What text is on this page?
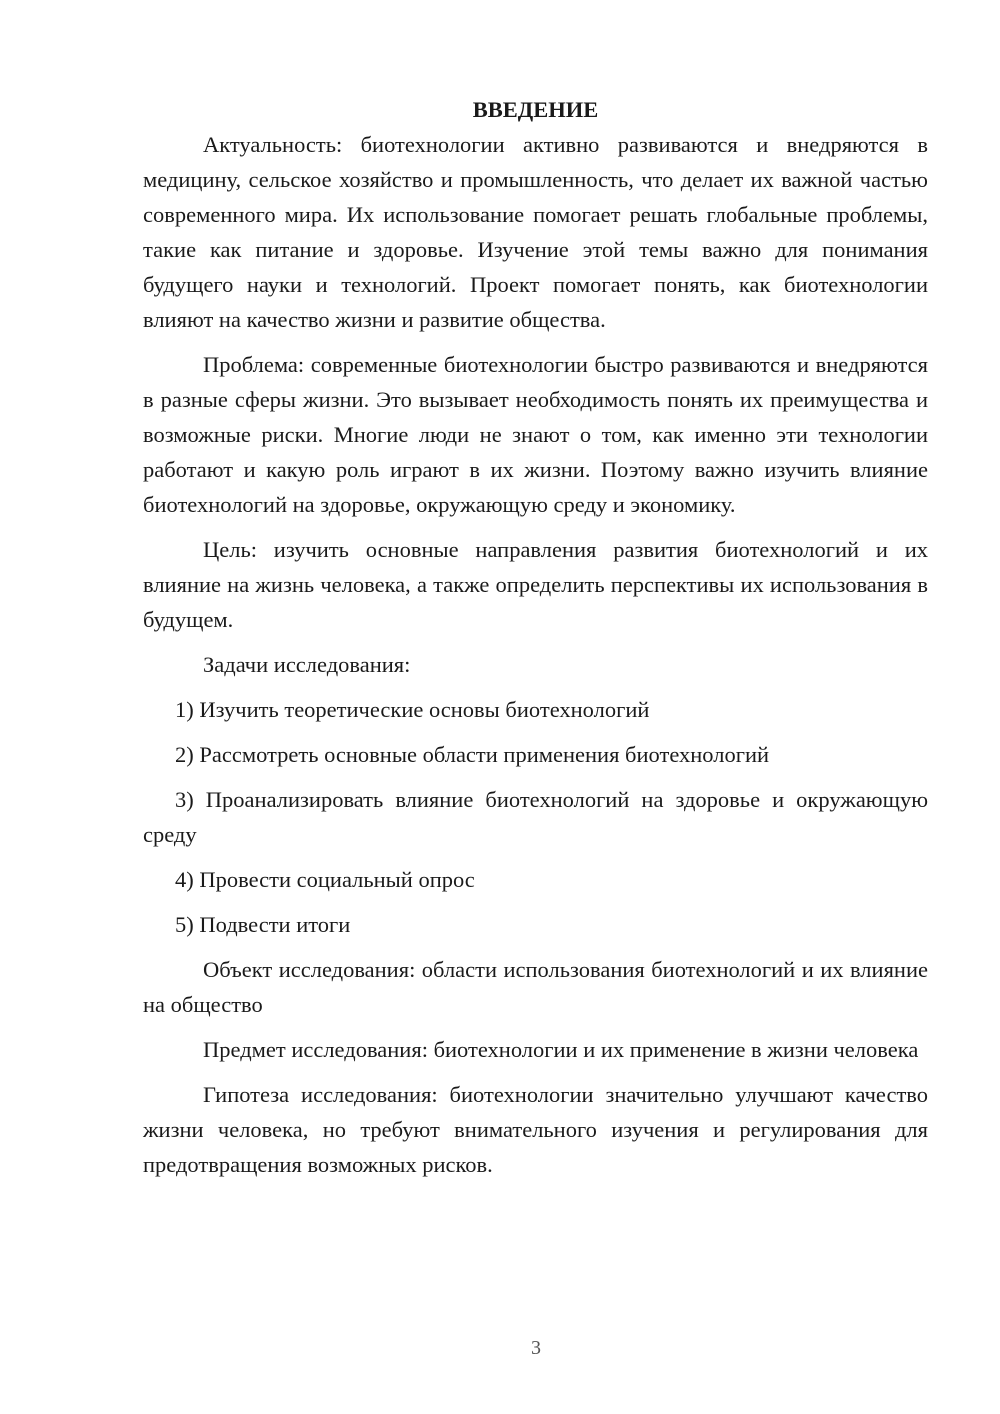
ВВЕДЕНИЕ

Актуальность: биотехнологии активно развиваются и внедряются в медицину, сельское хозяйство и промышленность, что делает их важной частью современного мира. Их использование помогает решать глобальные проблемы, такие как питание и здоровье. Изучение этой темы важно для понимания будущего науки и технологий. Проект помогает понять, как биотехнологии влияют на качество жизни и развитие общества.

Проблема: современные биотехнологии быстро развиваются и внедряются в разные сферы жизни. Это вызывает необходимость понять их преимущества и возможные риски. Многие люди не знают о том, как именно эти технологии работают и какую роль играют в их жизни. Поэтому важно изучить влияние биотехнологий на здоровье, окружающую среду и экономику.

Цель: изучить основные направления развития биотехнологий и их влияние на жизнь человека, а также определить перспективы их использования в будущем.

Задачи исследования:

1) Изучить теоретические основы биотехнологий

2) Рассмотреть основные области применения биотехнологий

3) Проанализировать влияние биотехнологий на здоровье и окружающую среду

4) Провести социальный опрос

5) Подвести итоги

Объект исследования: области использования биотехнологий и их влияние на общество

Предмет исследования: биотехнологии и их применение в жизни человека

Гипотеза исследования: биотехнологии значительно улучшают качество жизни человека, но требуют внимательного изучения и регулирования для предотвращения возможных рисков.

3
